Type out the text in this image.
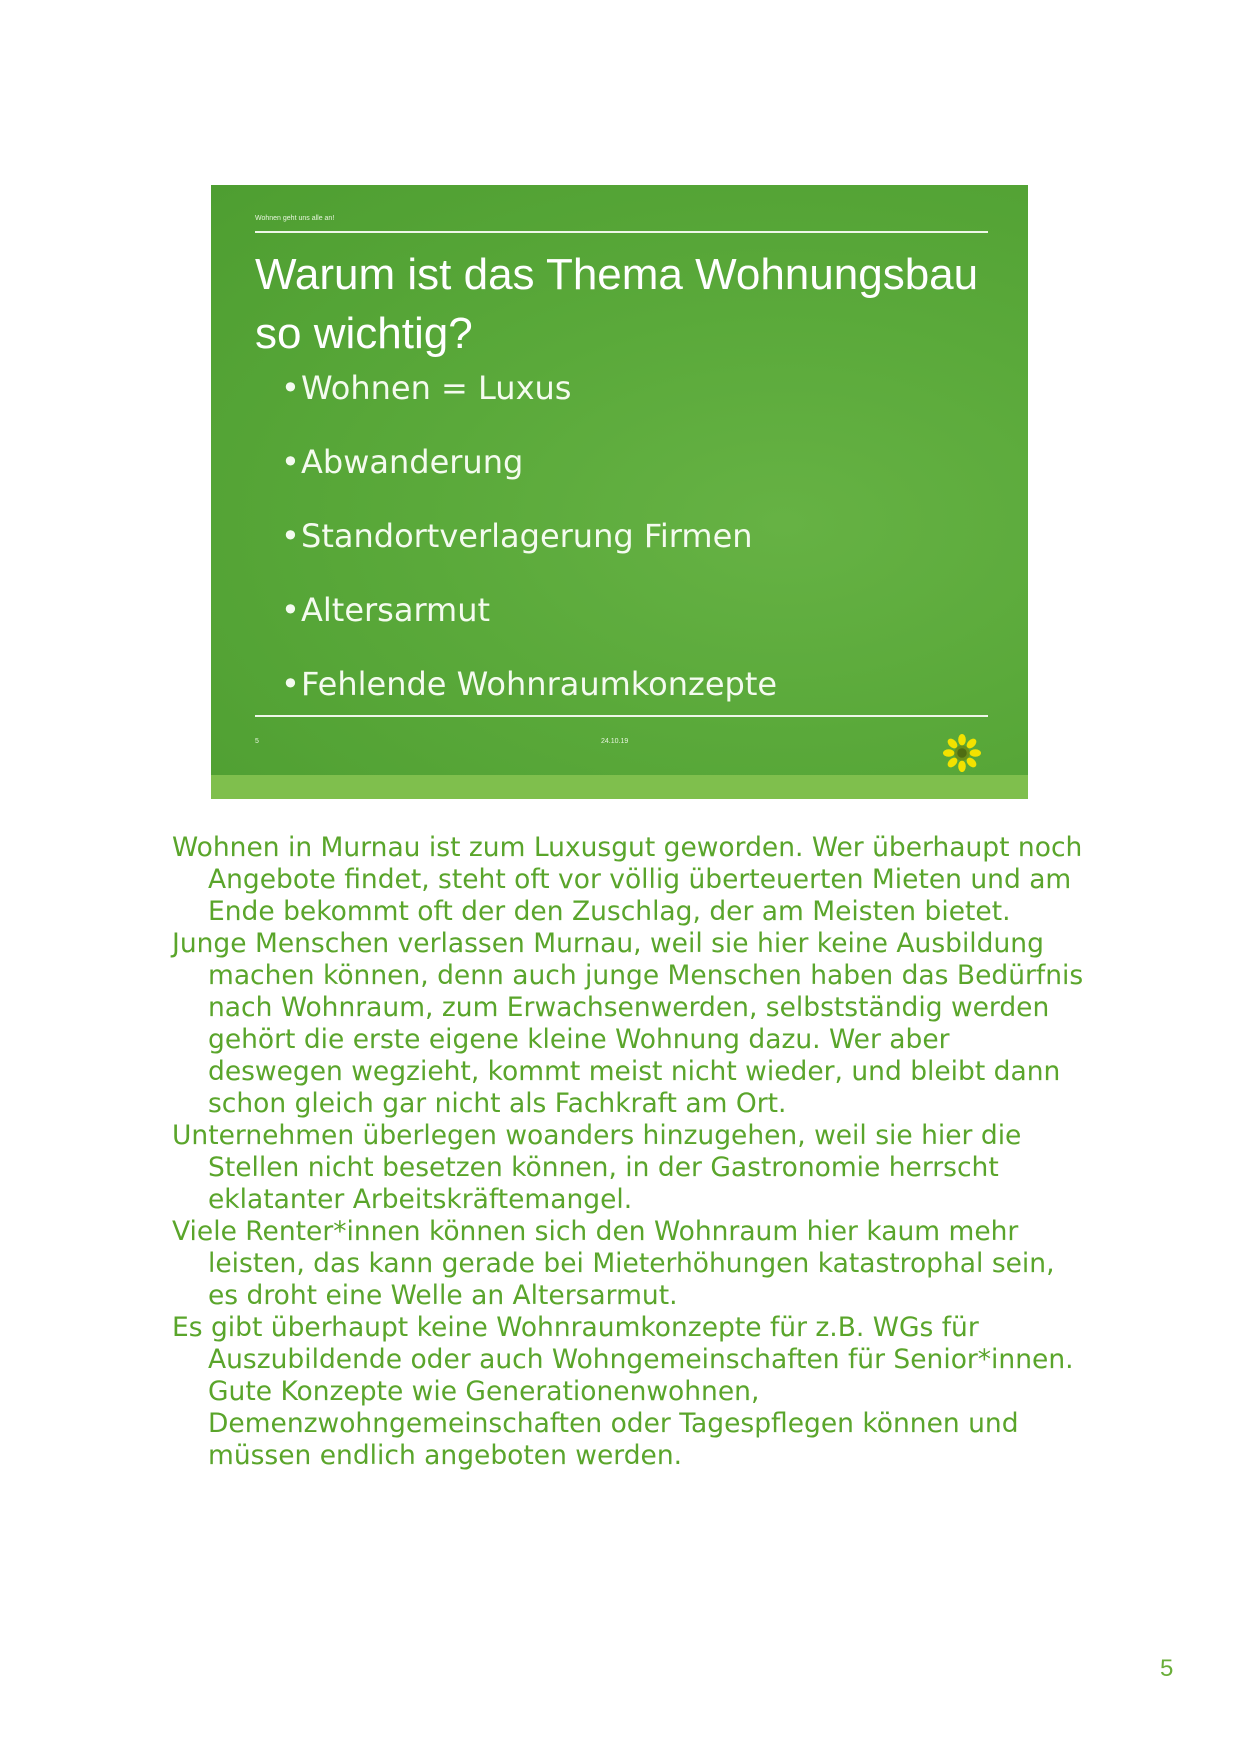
Wohnen geht uns alle an!
Warum ist das Thema Wohnungsbau so wichtig?
•Wohnen = Luxus
•Abwanderung
•Standortverlagerung Firmen
•Altersarmut
•Fehlende Wohnraumkonzepte
5	24.10.19

Wohnen in Murnau ist zum Luxusgut geworden. Wer überhaupt noch Angebote findet, steht oft vor völlig überteuerten Mieten und am Ende bekommt oft der den Zuschlag, der am Meisten bietet.

Junge Menschen verlassen Murnau, weil sie hier keine Ausbildung machen können, denn auch junge Menschen haben das Bedürfnis nach Wohnraum, zum Erwachsenwerden, selbstständig werden gehört die erste eigene kleine Wohnung dazu. Wer aber deswegen wegzieht, kommt meist nicht wieder, und bleibt dann schon gleich gar nicht als Fachkraft am Ort.

Unternehmen überlegen woanders hinzugehen, weil sie hier die Stellen nicht besetzen können, in der Gastronomie herrscht eklatanter Arbeitskräftemangel.

Viele Renter*innen können sich den Wohnraum hier kaum mehr leisten, das kann gerade bei Mieterhöhungen katastrophal sein, es droht eine Welle an Altersarmut.

Es gibt überhaupt keine Wohnraumkonzepte für z.B. WGs für Auszubildende oder auch Wohngemeinschaften für Senior*innen. Gute Konzepte wie Generationenwohnen, Demenzwohngemeinschaften oder Tagespflegen können und müssen endlich angeboten werden.

5
